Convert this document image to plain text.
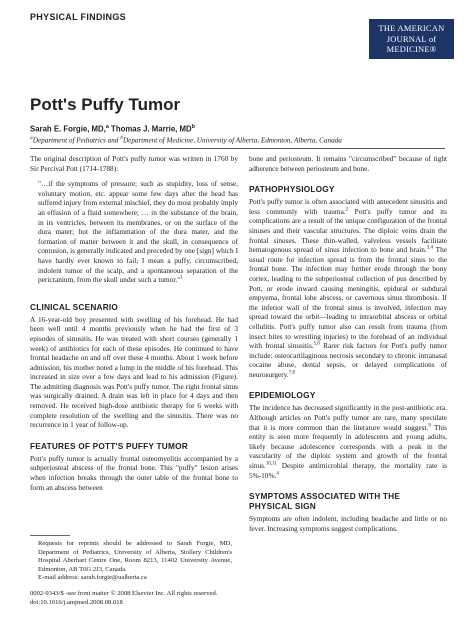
PHYSICAL FINDINGS
THE AMERICAN
JOURNAL of
MEDICINE®
Pott's Puffy Tumor
Sarah E. Forgie, MD,$^a$ Thomas J. Marrie, $MD^b$
$^a$Department of Pediatrics and $^b$Department of Medicine, University of Alberta, Edmonton, Alberta, Canada

The original description of Pott's puffy tumor was written in 1760 by Sir Percival Pott (1714-1788):

"…if the symptoms of pressure; such as stupidity, loss of sense, voluntary motion, etc. appear some few days after the head has suffered injury from external mischief, they do most probably imply an effusion of a fluid somewhere; … in the substance of the brain, in its ventricles, between its membranes, or on the surface of the dura mater; but the inflammation of the dura mater, and the formation of matter between it and the skull, in consequence of contusion, is generally indicated and preceded by one [sign] which I have hardly ever known to fail; I mean a puffy, circumscribed, indolent tumor of the scalp, and a spontaneous separation of the pericranium, from the skull under such a tumor."$^1$

CLINICAL SCENARIO

A 16-year-old boy presented with swelling of his forehead. He had been well until 4 months previously when he had the first of 3 episodes of sinusitis. He was treated with short courses (generally 1 week) of antibiotics for each of these episodes. He continued to have frontal headache on and off over these 4 months. About 1 week before admission, his mother noted a lump in the middle of his forehead. This increased in size over a few days and lead to his admission (Figure). The admitting diagnosis was Pott's puffy tumor. The right frontal sinus was surgically drained. A drain was left in place for 4 days and then removed. He received high-dose antibiotic therapy for 6 weeks with complete resolution of the swelling and the sinusitis. There was no recurrence in 1 year of follow-up.

FEATURES OF POTT'S PUFFY TUMOR

Pott's puffy tumor is actually frontal osteomyelitis accompanied by a subperiosteal abscess of the frontal bone. This "puffy" lesion arises when infection breaks through the outer table of the frontal bone to form an abscess between

bone and periosteum. It remains "circumscribed" because of tight adherence between periosteum and bone.

PATHOPHYSIOLOGY

Pott's puffy tumor is often associated with antecedent sinusitis and less commonly with trauma.$^2$ Pott's puffy tumor and its complications are a result of the unique configuration of the frontal sinuses and their vascular structures. The diploic veins drain the frontal sinuses. These thin-walled, valveless vessels facilitate hematogenous spread of sinus infection to bone and brain.$^{3,4}$ The usual route for infection spread is from the frontal sinus to the frontal bone. The infection may further erode through the bony cortex, leading to the subperiosteal collection of pus described by Pott, or erode inward causing meningitis, epidural or subdural empyema, frontal lobe abscess, or cavernous sinus thrombosis. If the inferior wall of the frontal sinus is involved, infection may spread toward the orbit—leading to intraorbital abscess or orbital cellulitis. Pott's puffy tumor also can result from trauma (from insect bites to wrestling injuries) to the forehead of an individual with frontal sinusitis.$^{5,6}$ Rarer risk factors for Pott's puffy tumor include: osteocartilaginous necrosis secondary to chronic intranasal cocaine abuse, dental sepsis, or delayed complications of neurosurgery.$^{7,8}$

EPIDEMIOLOGY

The incidence has decreased significantly in the post-antibiotic era. Although articles on Pott's puffy tumor are rare, many speculate that it is more common than the literature would suggest.$^9$ This entity is seen more frequently in adolescents and young adults, likely because adolescence corresponds with a peak in the vascularity of the diploic system and growth of the frontal sinus.$^{10,11}$ Despite antimicrobial therapy, the mortality rate is 5%-10%.$^4$

SYMPTOMS ASSOCIATED WITH THE
PHYSICAL SIGN

Symptoms are often indolent, including headache and little or no fever. Increasing symptoms suggest complications.

Requests for reprints should be addressed to Sarah Forgie, MD, Department of Pediatrics, University of Alberta, Stollery Children's Hospital Aberhart Centre One, Room 8213, 11402 University Avenue, Edmonton, AB T6G 2J3, Canada.
E-mail address: sarah.forgie@ualberta.ca
0002-9343/$ -see front matter © 2008 Elsevier Inc. All rights reserved.
doi:10.1016/j.amjmed.2008.08.018
